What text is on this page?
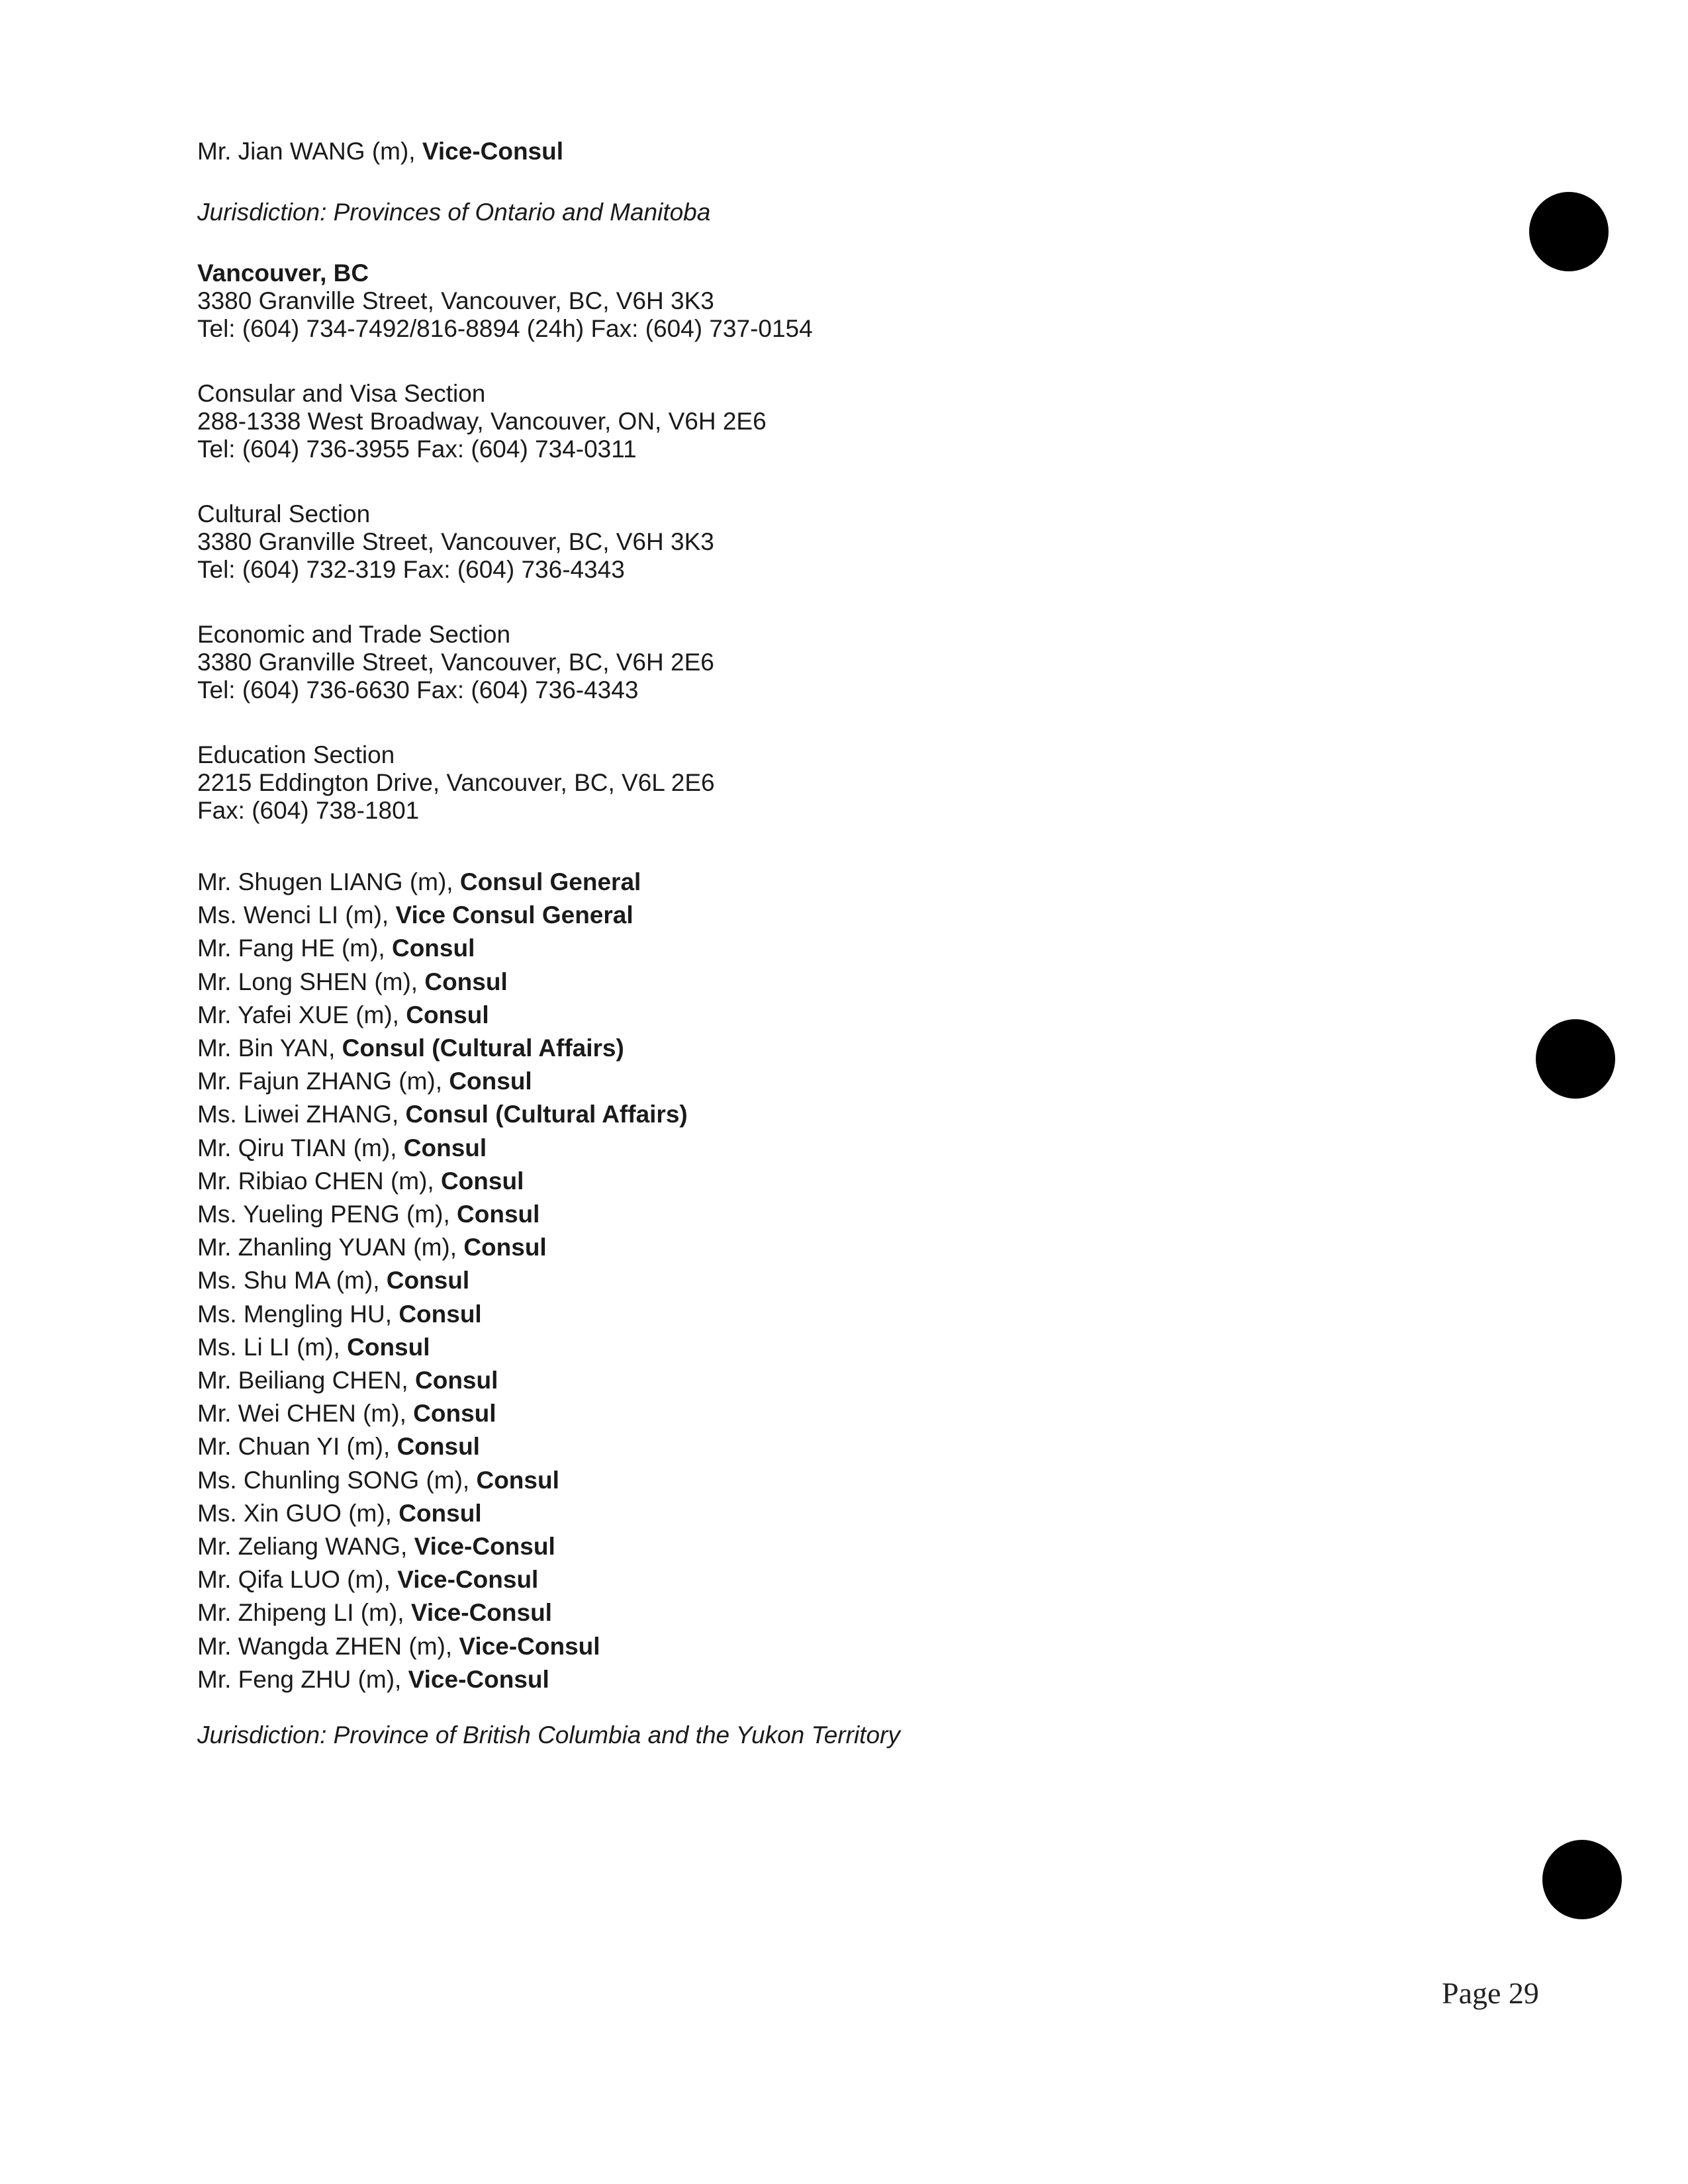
Mr. Jian WANG (m), Vice-Consul

Jurisdiction: Provinces of Ontario and Manitoba

Vancouver, BC

3380 Granville Street, Vancouver, BC, V6H 3K3

Tel: (604) 734-7492/816-8894 (24h) Fax: (604) 737-0154

Consular and Visa Section

288-1338 West Broadway, Vancouver, ON, V6H 2E6

Tel: (604) 736-3955 Fax: (604) 734-0311

Cultural Section

3380 Granville Street, Vancouver, BC, V6H 3K3

Tel: (604) 732-319 Fax: (604) 736-4343

Economic and Trade Section

3380 Granville Street, Vancouver, BC, V6H 2E6

Tel: (604) 736-6630 Fax: (604) 736-4343

Education Section

2215 Eddington Drive, Vancouver, BC, V6L 2E6

Fax: (604) 738-1801

Mr. Shugen LIANG (m), Consul General

Ms. Wenci LI (m), Vice Consul General

Mr. Fang HE (m), Consul

Mr. Long SHEN (m), Consul

Mr. Yafei XUE (m), Consul

Mr. Bin YAN, Consul (Cultural Affairs)

Mr. Fajun ZHANG (m), Consul

Ms. Liwei ZHANG, Consul (Cultural Affairs)

Mr. Qiru TIAN (m), Consul

Mr. Ribiao CHEN (m), Consul

Ms. Yueling PENG (m), Consul

Mr. Zhanling YUAN (m), Consul

Ms. Shu MA (m), Consul

Ms. Mengling HU, Consul

Ms. Li LI (m), Consul

Mr. Beiliang CHEN, Consul

Mr. Wei CHEN (m), Consul

Mr. Chuan YI (m), Consul

Ms. Chunling SONG (m), Consul

Ms. Xin GUO (m), Consul

Mr. Zeliang WANG, Vice-Consul

Mr. Qifa LUO (m), Vice-Consul

Mr. Zhipeng LI (m), Vice-Consul

Mr. Wangda ZHEN (m), Vice-Consul

Mr. Feng ZHU (m), Vice-Consul

Jurisdiction: Province of British Columbia and the Yukon Territory

Page 29
